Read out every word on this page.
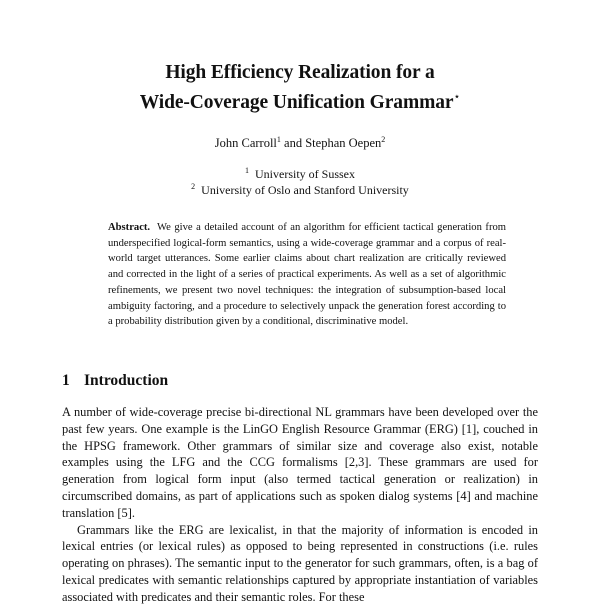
High Efficiency Realization for a
Wide-Coverage Unification Grammar⋆
John Carroll$^1$ and Stephan Oepen$^2$
$^1$ University of Sussex
$^2$ University of Oslo and Stanford University
Abstract. We give a detailed account of an algorithm for efficient tactical generation from underspecified logical-form semantics, using a wide-coverage grammar and a corpus of real-world target utterances. Some earlier claims about chart realization are critically reviewed and corrected in the light of a series of practical experiments. As well as a set of algorithmic refinements, we present two novel techniques: the integration of subsumption-based local ambiguity factoring, and a procedure to selectively unpack the generation forest according to a probability distribution given by a conditional, discriminative model.
1 Introduction

A number of wide-coverage precise bi-directional NL grammars have been developed over the past few years. One example is the LinGO English Resource Grammar (ERG) [1], couched in the HPSG framework. Other grammars of similar size and coverage also exist, notable examples using the LFG and the CCG formalisms [2,3]. These grammars are used for generation from logical form input (also termed tactical generation or realization) in circumscribed domains, as part of applications such as spoken dialog systems [4] and machine translation [5].

Grammars like the ERG are lexicalist, in that the majority of information is encoded in lexical entries (or lexical rules) as opposed to being represented in constructions (i.e. rules operating on phrases). The semantic input to the generator for such grammars, often, is a bag of lexical predicates with semantic relationships captured by appropriate instantiation of variables associated with predicates and their semantic roles. For these
